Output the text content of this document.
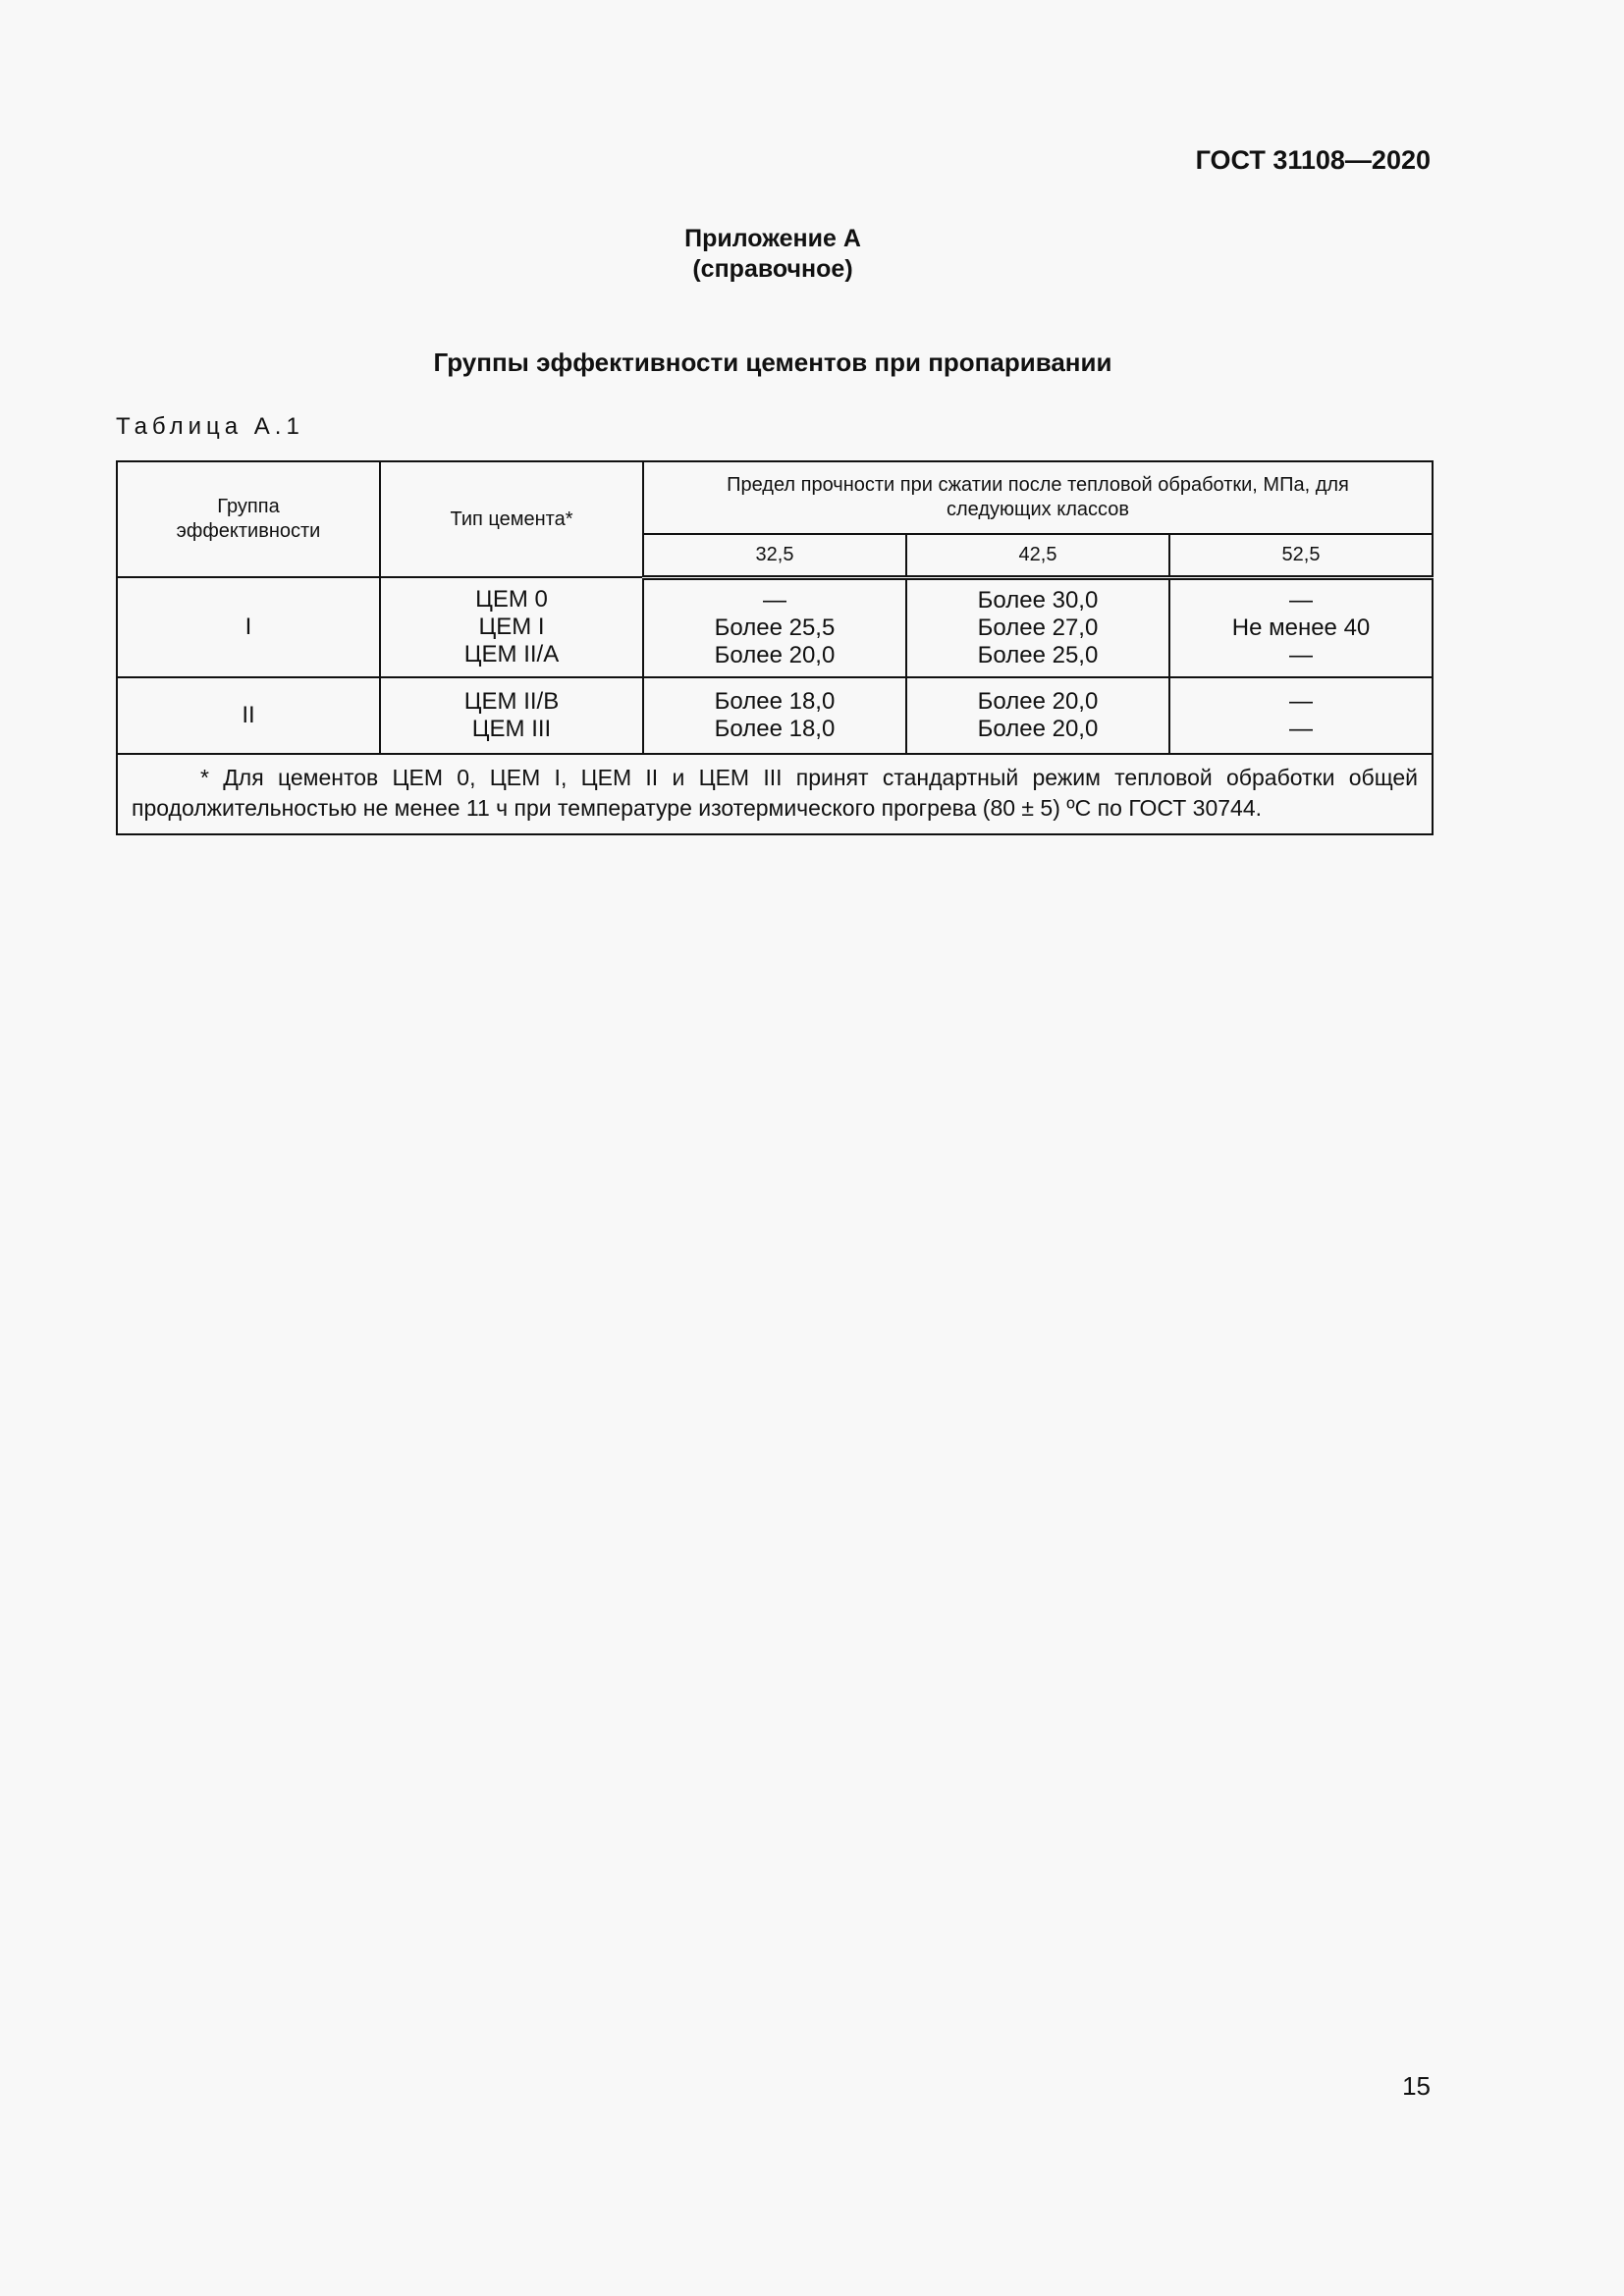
ГОСТ 31108—2020
Приложение А
(справочное)
Группы эффективности цементов при пропаривании
Таблица А.1
Группа эффективности	Тип цемента*	Предел прочности при сжатии после тепловой обработки, МПа, для следующих классов		
		32,5	42,5	52,5
I	ЦЕМ 0
ЦЕМ I
ЦЕМ II/A	—
Более 25,5
Более 20,0	Более 30,0
Более 27,0
Более 25,0	—
Не менее 40
—

II	ЦЕМ II/B
ЦЕМ III	Более 18,0
Более 18,0	Более 20,0
Более 20,0	—
—

* Для цементов ЦЕМ 0, ЦЕМ I, ЦЕМ II и ЦЕМ III принят стандартный режим тепловой обработки общей продолжительностью не менее 11 ч при температуре изотермического прогрева (80 ± 5) ºС по ГОСТ 30744.				
15
